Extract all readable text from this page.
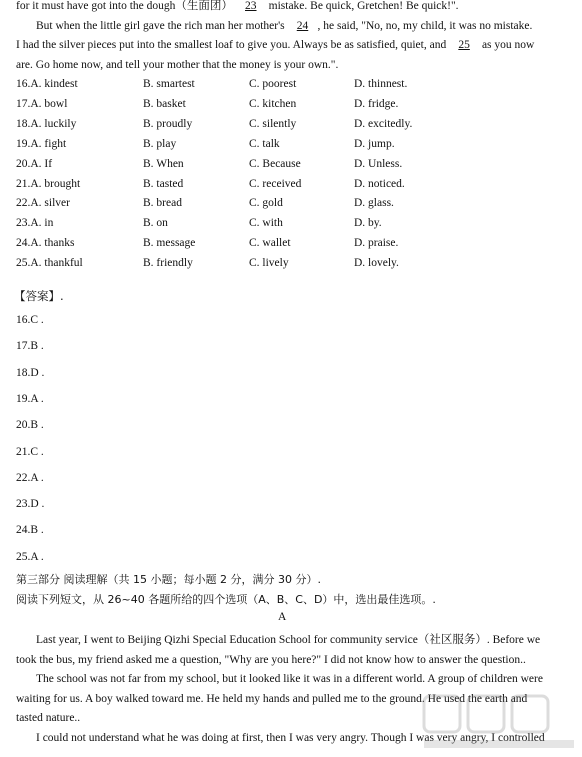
for it must have got into the dough（生面团） 23 mistake. Be quick, Gretchen! Be quick!".
But when the little girl gave the rich man her mother's 24 , he said, "No, no, my child, it was no mistake.
I had the silver pieces put into the smallest loaf to give you. Always be as satisfied, quiet, and 25 as you now
are. Go home now, and tell your mother that the money is your own.".
16.A. kindest	B. smartest	C. poorest	D. thinnest.
17.A. bowl	B. basket	C. kitchen	D. fridge.
18.A. luckily	B. proudly	C. silently	D. excitedly.
19.A. fight	B. play	C. talk	D. jump.
20.A. If	B. When	C. Because	D. Unless.
21.A. brought	B. tasted	C. received	D. noticed.
22.A. silver	B. bread	C. gold	D. glass.
23.A. in	B. on	C. with	D. by.
24.A. thanks	B. message	C. wallet	D. praise.
25.A. thankful	B. friendly	C. lively	D. lovely.
【答案】.
16.C .
17.B .
18.D .
19.A .
20.B .
21.C .
22.A .
23.D .
24.B .
25.A .
第三部分 阅读理解（共 15 小题；每小题 2 分，满分 30 分）.
阅读下列短文，从 26~40 各题所给的四个选项（A、B、C、D）中，选出最佳选项。.
A
Last year, I went to Beijing Qizhi Special Education School for community service（社区服务）. Before we
took the bus, my friend asked me a question, "Why are you here?" I did not know how to answer the question..
The school was not far from my school, but it looked like it was in a different world. A group of children were
waiting for us. A boy walked toward me. He held my hands and pulled me to the ground. He used the earth and
tasted nature..
I could not understand what he was doing at first, then I was very angry. Though I was very angry, I controlled
